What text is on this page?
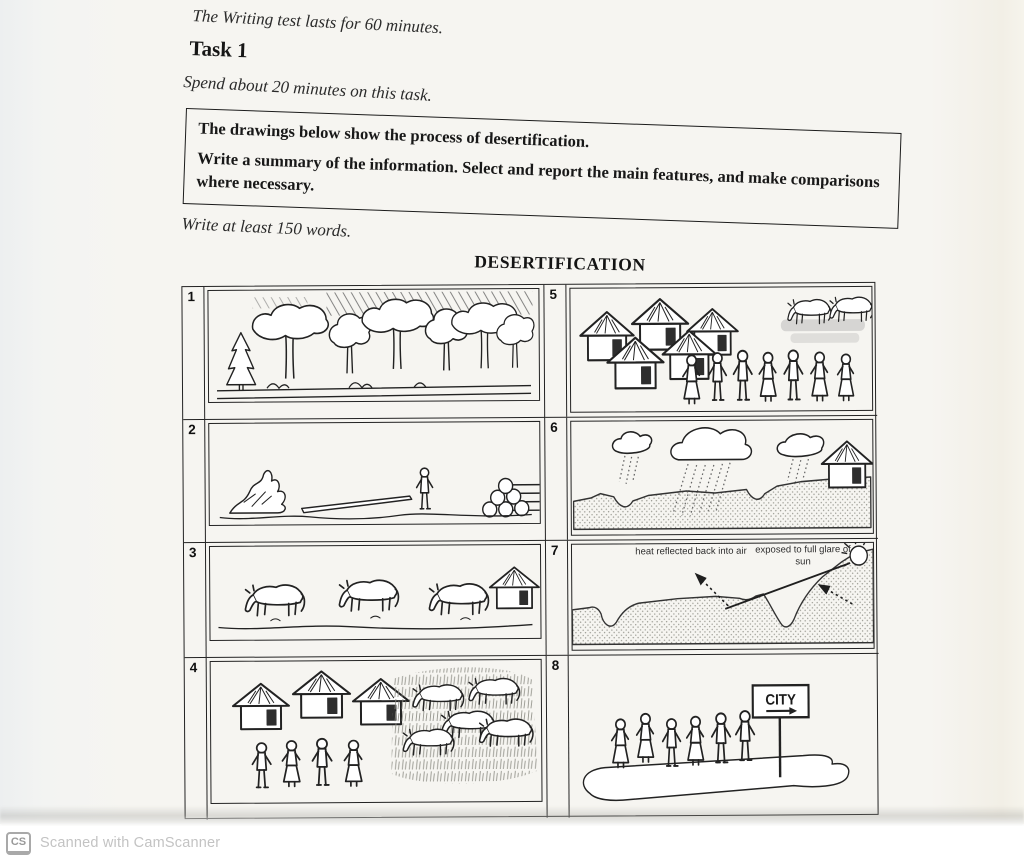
The Writing test lasts for 60 minutes.
Task 1
Spend about 20 minutes on this task.

The drawings below show the process of desertification.

Write a summary of the information. Select and report the main features, and make comparisons where necessary.

Write at least 150 words.
DESERTIFICATION
1	5
2	6
3	7	heat reflected back into air exposed to full glare of sun
4	8
CITY
CS Scanned with CamScanner
